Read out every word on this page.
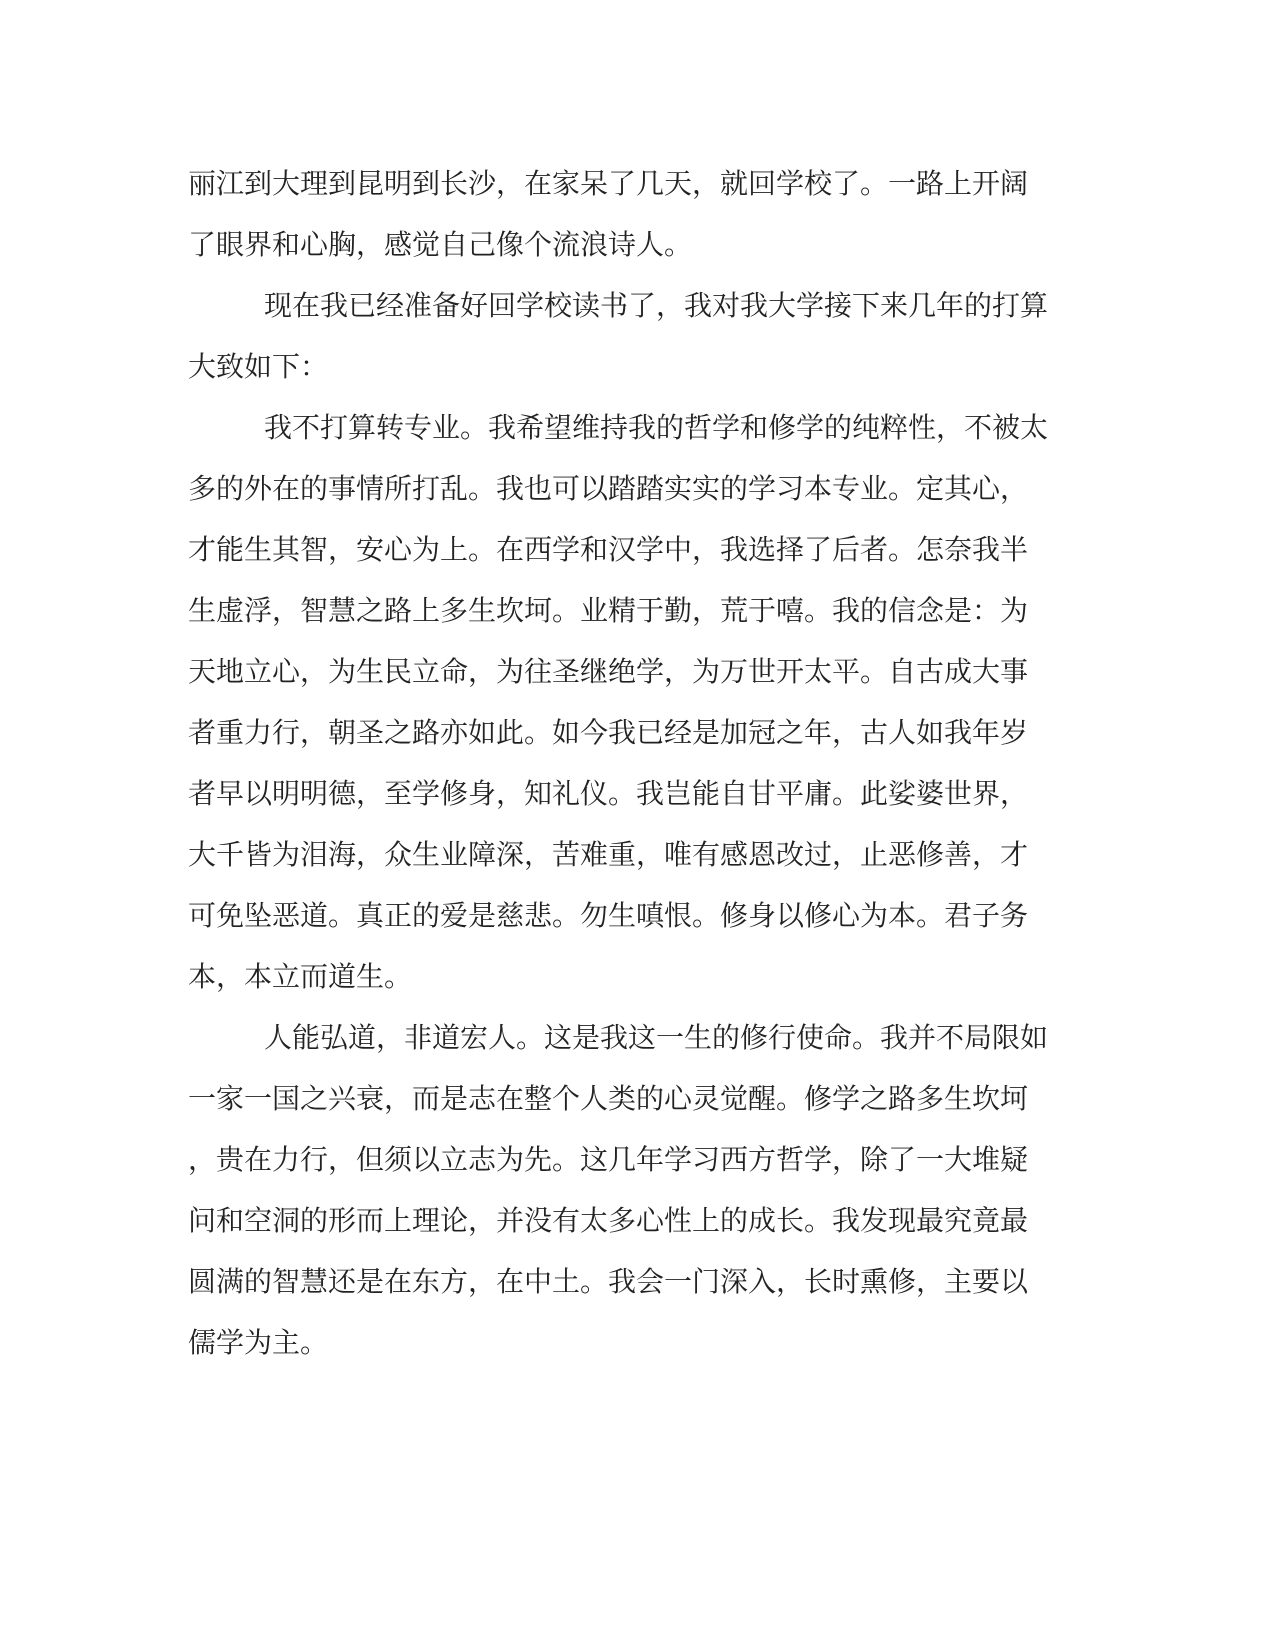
丽江到大理到昆明到长沙，在家呆了几天，就回学校了。一路上开阔
了眼界和心胸，感觉自己像个流浪诗人。
现在我已经准备好回学校读书了，我对我大学接下来几年的打算
大致如下：
我不打算转专业。我希望维持我的哲学和修学的纯粹性，不被太
多的外在的事情所打乱。我也可以踏踏实实的学习本专业。定其心，
才能生其智，安心为上。在西学和汉学中，我选择了后者。怎奈我半
生虚浮，智慧之路上多生坎坷。业精于勤，荒于嘻。我的信念是：为
天地立心，为生民立命，为往圣继绝学，为万世开太平。自古成大事
者重力行，朝圣之路亦如此。如今我已经是加冠之年，古人如我年岁
者早以明明德，至学修身，知礼仪。我岂能自甘平庸。此娑婆世界，
大千皆为泪海，众生业障深，苦难重，唯有感恩改过，止恶修善，才
可免坠恶道。真正的爱是慈悲。勿生嗔恨。修身以修心为本。君子务
本，本立而道生。
人能弘道，非道宏人。这是我这一生的修行使命。我并不局限如
一家一国之兴衰，而是志在整个人类的心灵觉醒。修学之路多生坎坷
，贵在力行，但须以立志为先。这几年学习西方哲学，除了一大堆疑
问和空洞的形而上理论，并没有太多心性上的成长。我发现最究竟最
圆满的智慧还是在东方，在中土。我会一门深入，长时熏修，主要以
儒学为主。
